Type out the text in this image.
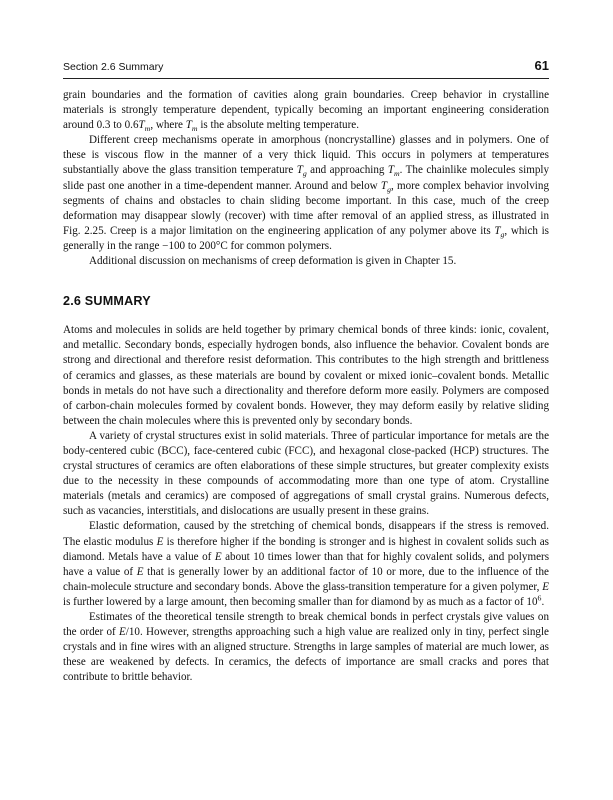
Section 2.6 Summary	61

grain boundaries and the formation of cavities along grain boundaries. Creep behavior in crystalline materials is strongly temperature dependent, typically becoming an important engineering consideration around 0.3 to $0.6T_m$, where $T_m$ is the absolute melting temperature.

Different creep mechanisms operate in amorphous (noncrystalline) glasses and in polymers. One of these is viscous flow in the manner of a very thick liquid. This occurs in polymers at temperatures substantially above the glass transition temperature $T_g$ and approaching $T_m$. The chainlike molecules simply slide past one another in a time-dependent manner. Around and below $T_g$, more complex behavior involving segments of chains and obstacles to chain sliding become important. In this case, much of the creep deformation may disappear slowly (recover) with time after removal of an applied stress, as illustrated in Fig. 2.25. Creep is a major limitation on the engineering application of any polymer above its $T_g$, which is generally in the range −100 to 200°C for common polymers.

Additional discussion on mechanisms of creep deformation is given in Chapter 15.

2.6 SUMMARY

Atoms and molecules in solids are held together by primary chemical bonds of three kinds: ionic, covalent, and metallic. Secondary bonds, especially hydrogen bonds, also influence the behavior. Covalent bonds are strong and directional and therefore resist deformation. This contributes to the high strength and brittleness of ceramics and glasses, as these materials are bound by covalent or mixed ionic–covalent bonds. Metallic bonds in metals do not have such a directionality and therefore deform more easily. Polymers are composed of carbon-chain molecules formed by covalent bonds. However, they may deform easily by relative sliding between the chain molecules where this is prevented only by secondary bonds.

A variety of crystal structures exist in solid materials. Three of particular importance for metals are the body-centered cubic (BCC), face-centered cubic (FCC), and hexagonal close-packed (HCP) structures. The crystal structures of ceramics are often elaborations of these simple structures, but greater complexity exists due to the necessity in these compounds of accommodating more than one type of atom. Crystalline materials (metals and ceramics) are composed of aggregations of small crystal grains. Numerous defects, such as vacancies, interstitials, and dislocations are usually present in these grains.

Elastic deformation, caused by the stretching of chemical bonds, disappears if the stress is removed. The elastic modulus E is therefore higher if the bonding is stronger and is highest in covalent solids such as diamond. Metals have a value of E about 10 times lower than that for highly covalent solids, and polymers have a value of E that is generally lower by an additional factor of 10 or more, due to the influence of the chain-molecule structure and secondary bonds. Above the glass-transition temperature for a given polymer, E is further lowered by a large amount, then becoming smaller than for diamond by as much as a factor of $10^6$.

Estimates of the theoretical tensile strength to break chemical bonds in perfect crystals give values on the order of E/10. However, strengths approaching such a high value are realized only in tiny, perfect single crystals and in fine wires with an aligned structure. Strengths in large samples of material are much lower, as these are weakened by defects. In ceramics, the defects of importance are small cracks and pores that contribute to brittle behavior.
